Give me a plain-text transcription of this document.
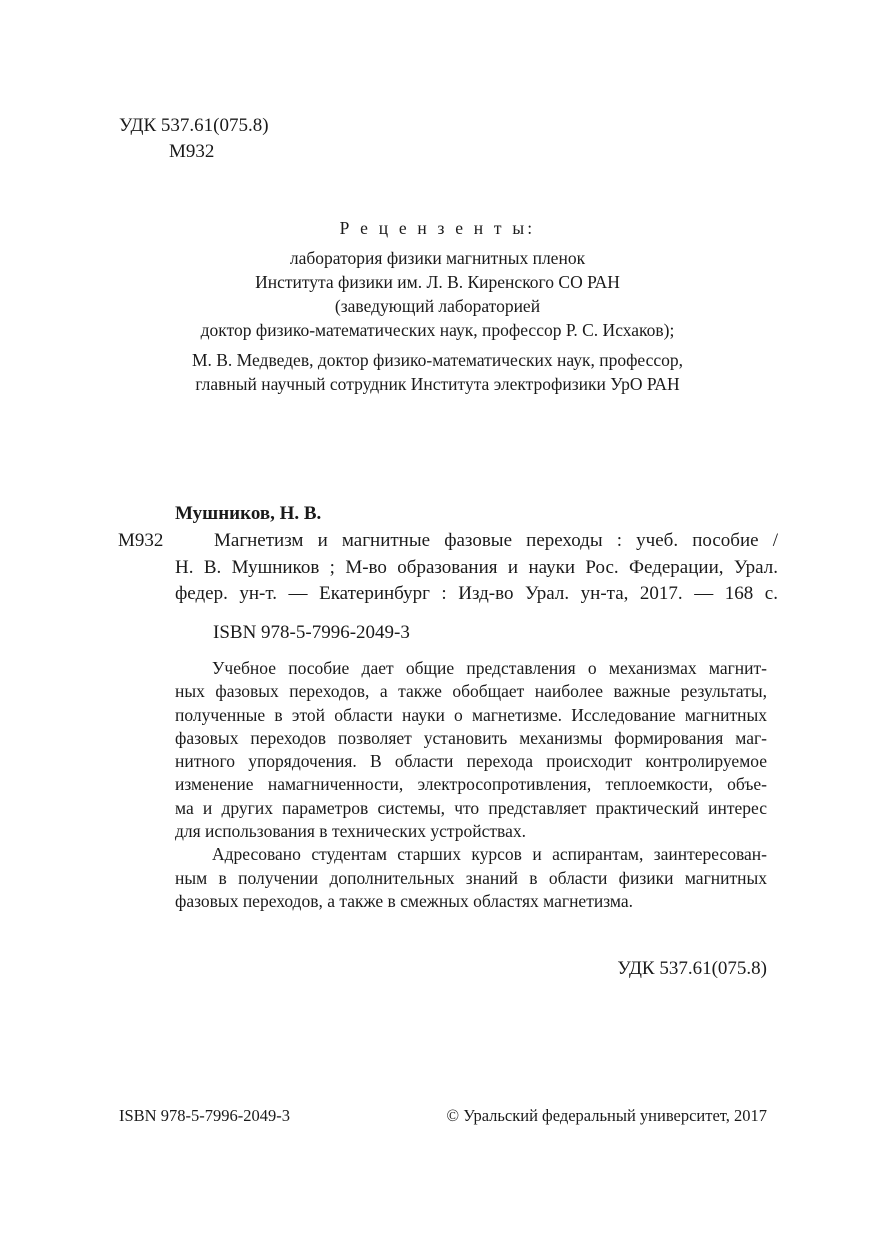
УДК 537.61(075.8)
М932
Р е ц е н з е н т ы:
лаборатория физики магнитных пленок
Института физики им. Л. В. Киренского СО РАН
(заведующий лабораторией
доктор физико-математических наук, профессор Р. С. Исхаков);
М. В. Медведев, доктор физико-математических наук, профессор,
главный научный сотрудник Института электрофизики УрО РАН
Мушников, Н. В.
М932	Магнетизм и магнитные фазовые переходы : учеб. пособие /
Н. В. Мушников ; М-во образования и науки Рос. Федерации, Урал.
федер. ун-т. — Екатеринбург : Изд-во Урал. ун-та, 2017. — 168 с.
ISBN 978-5-7996-2049-3
Учебное пособие дает общие представления о механизмах магнит-
ных фазовых переходов, а также обобщает наиболее важные результаты,
полученные в этой области науки о магнетизме. Исследование магнитных
фазовых переходов позволяет установить механизмы формирования маг-
нитного упорядочения. В области перехода происходит контролируемое
изменение намагниченности, электросопротивления, теплоемкости, объе-
ма и других параметров системы, что представляет практический интерес
для использования в технических устройствах.
Адресовано студентам старших курсов и аспирантам, заинтересован-
ным в получении дополнительных знаний в области физики магнитных
фазовых переходов, а также в смежных областях магнетизма.
УДК 537.61(075.8)
ISBN 978-5-7996-2049-3	© Уральский федеральный университет, 2017
